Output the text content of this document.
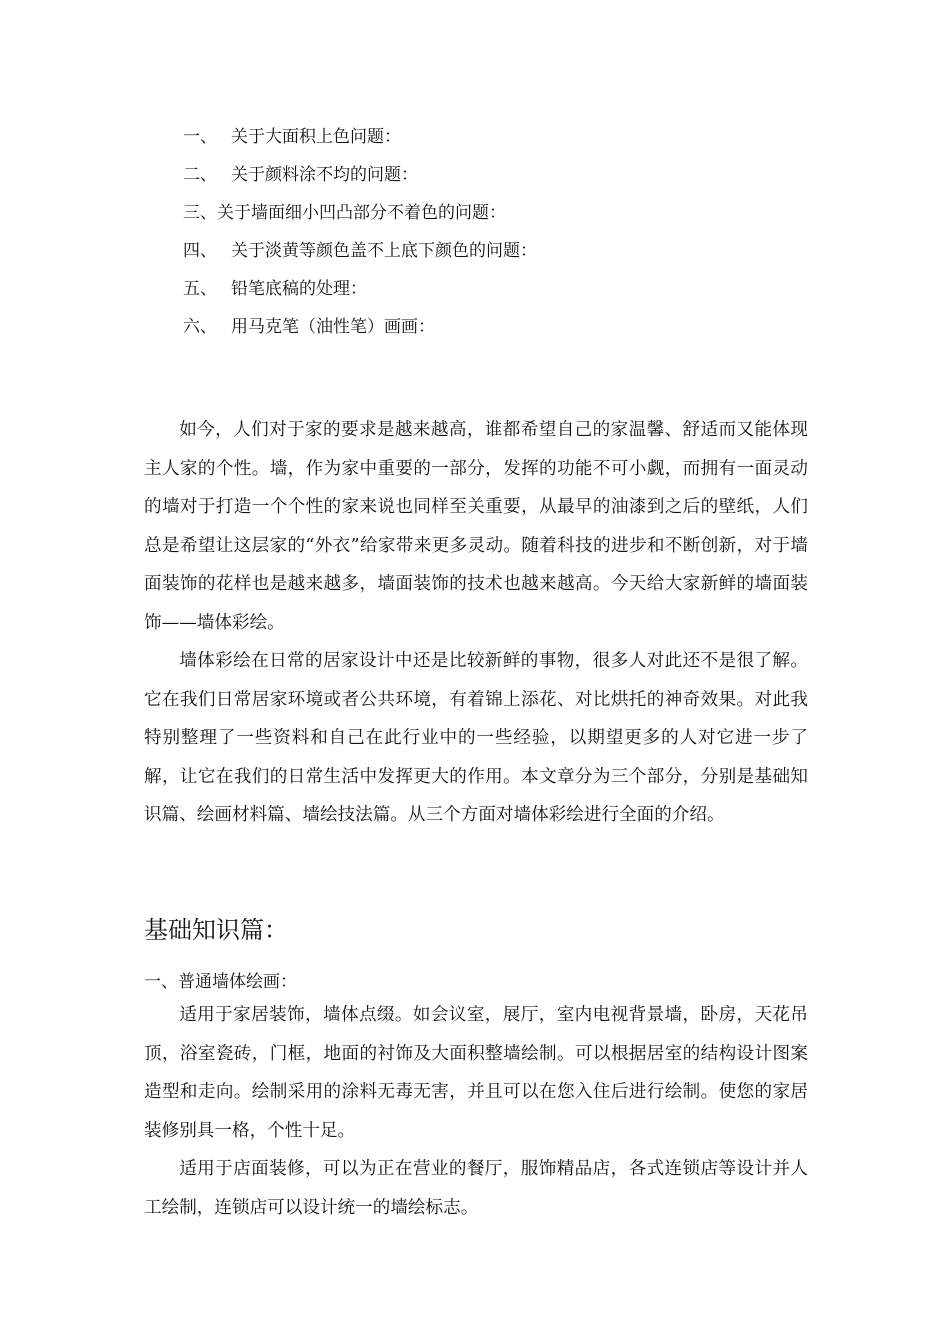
一、 关于大面积上色问题：
二、 关于颜料涂不均的问题：
三、关于墙面细小凹凸部分不着色的问题：
四、 关于淡黄等颜色盖不上底下颜色的问题：
五、 铅笔底稿的处理：
六、 用马克笔（油性笔）画画：

如今，人们对于家的要求是越来越高，谁都希望自己的家温馨、舒适而又能体现主人家的个性。墙，作为家中重要的一部分，发挥的功能不可小觑，而拥有一面灵动的墙对于打造一个个性的家来说也同样至关重要，从最早的油漆到之后的壁纸，人们总是希望让这层家的“外衣”给家带来更多灵动。随着科技的进步和不断创新，对于墙面装饰的花样也是越来越多，墙面装饰的技术也越来越高。今天给大家新鲜的墙面装饰——墙体彩绘。

墙体彩绘在日常的居家设计中还是比较新鲜的事物，很多人对此还不是很了解。它在我们日常居家环境或者公共环境，有着锦上添花、对比烘托的神奇效果。对此我特别整理了一些资料和自己在此行业中的一些经验，以期望更多的人对它进一步了解，让它在我们的日常生活中发挥更大的作用。本文章分为三个部分，分别是基础知识篇、绘画材料篇、墙绘技法篇。从三个方面对墙体彩绘进行全面的介绍。

基础知识篇：

一、普通墙体绘画：

适用于家居装饰，墙体点缀。如会议室，展厅，室内电视背景墙，卧房，天花吊顶，浴室瓷砖，门框，地面的衬饰及大面积整墙绘制。可以根据居室的结构设计图案造型和走向。绘制采用的涂料无毒无害，并且可以在您入住后进行绘制。使您的家居装修别具一格，个性十足。

适用于店面装修，可以为正在营业的餐厅，服饰精品店，各式连锁店等设计并人工绘制，连锁店可以设计统一的墙绘标志。
